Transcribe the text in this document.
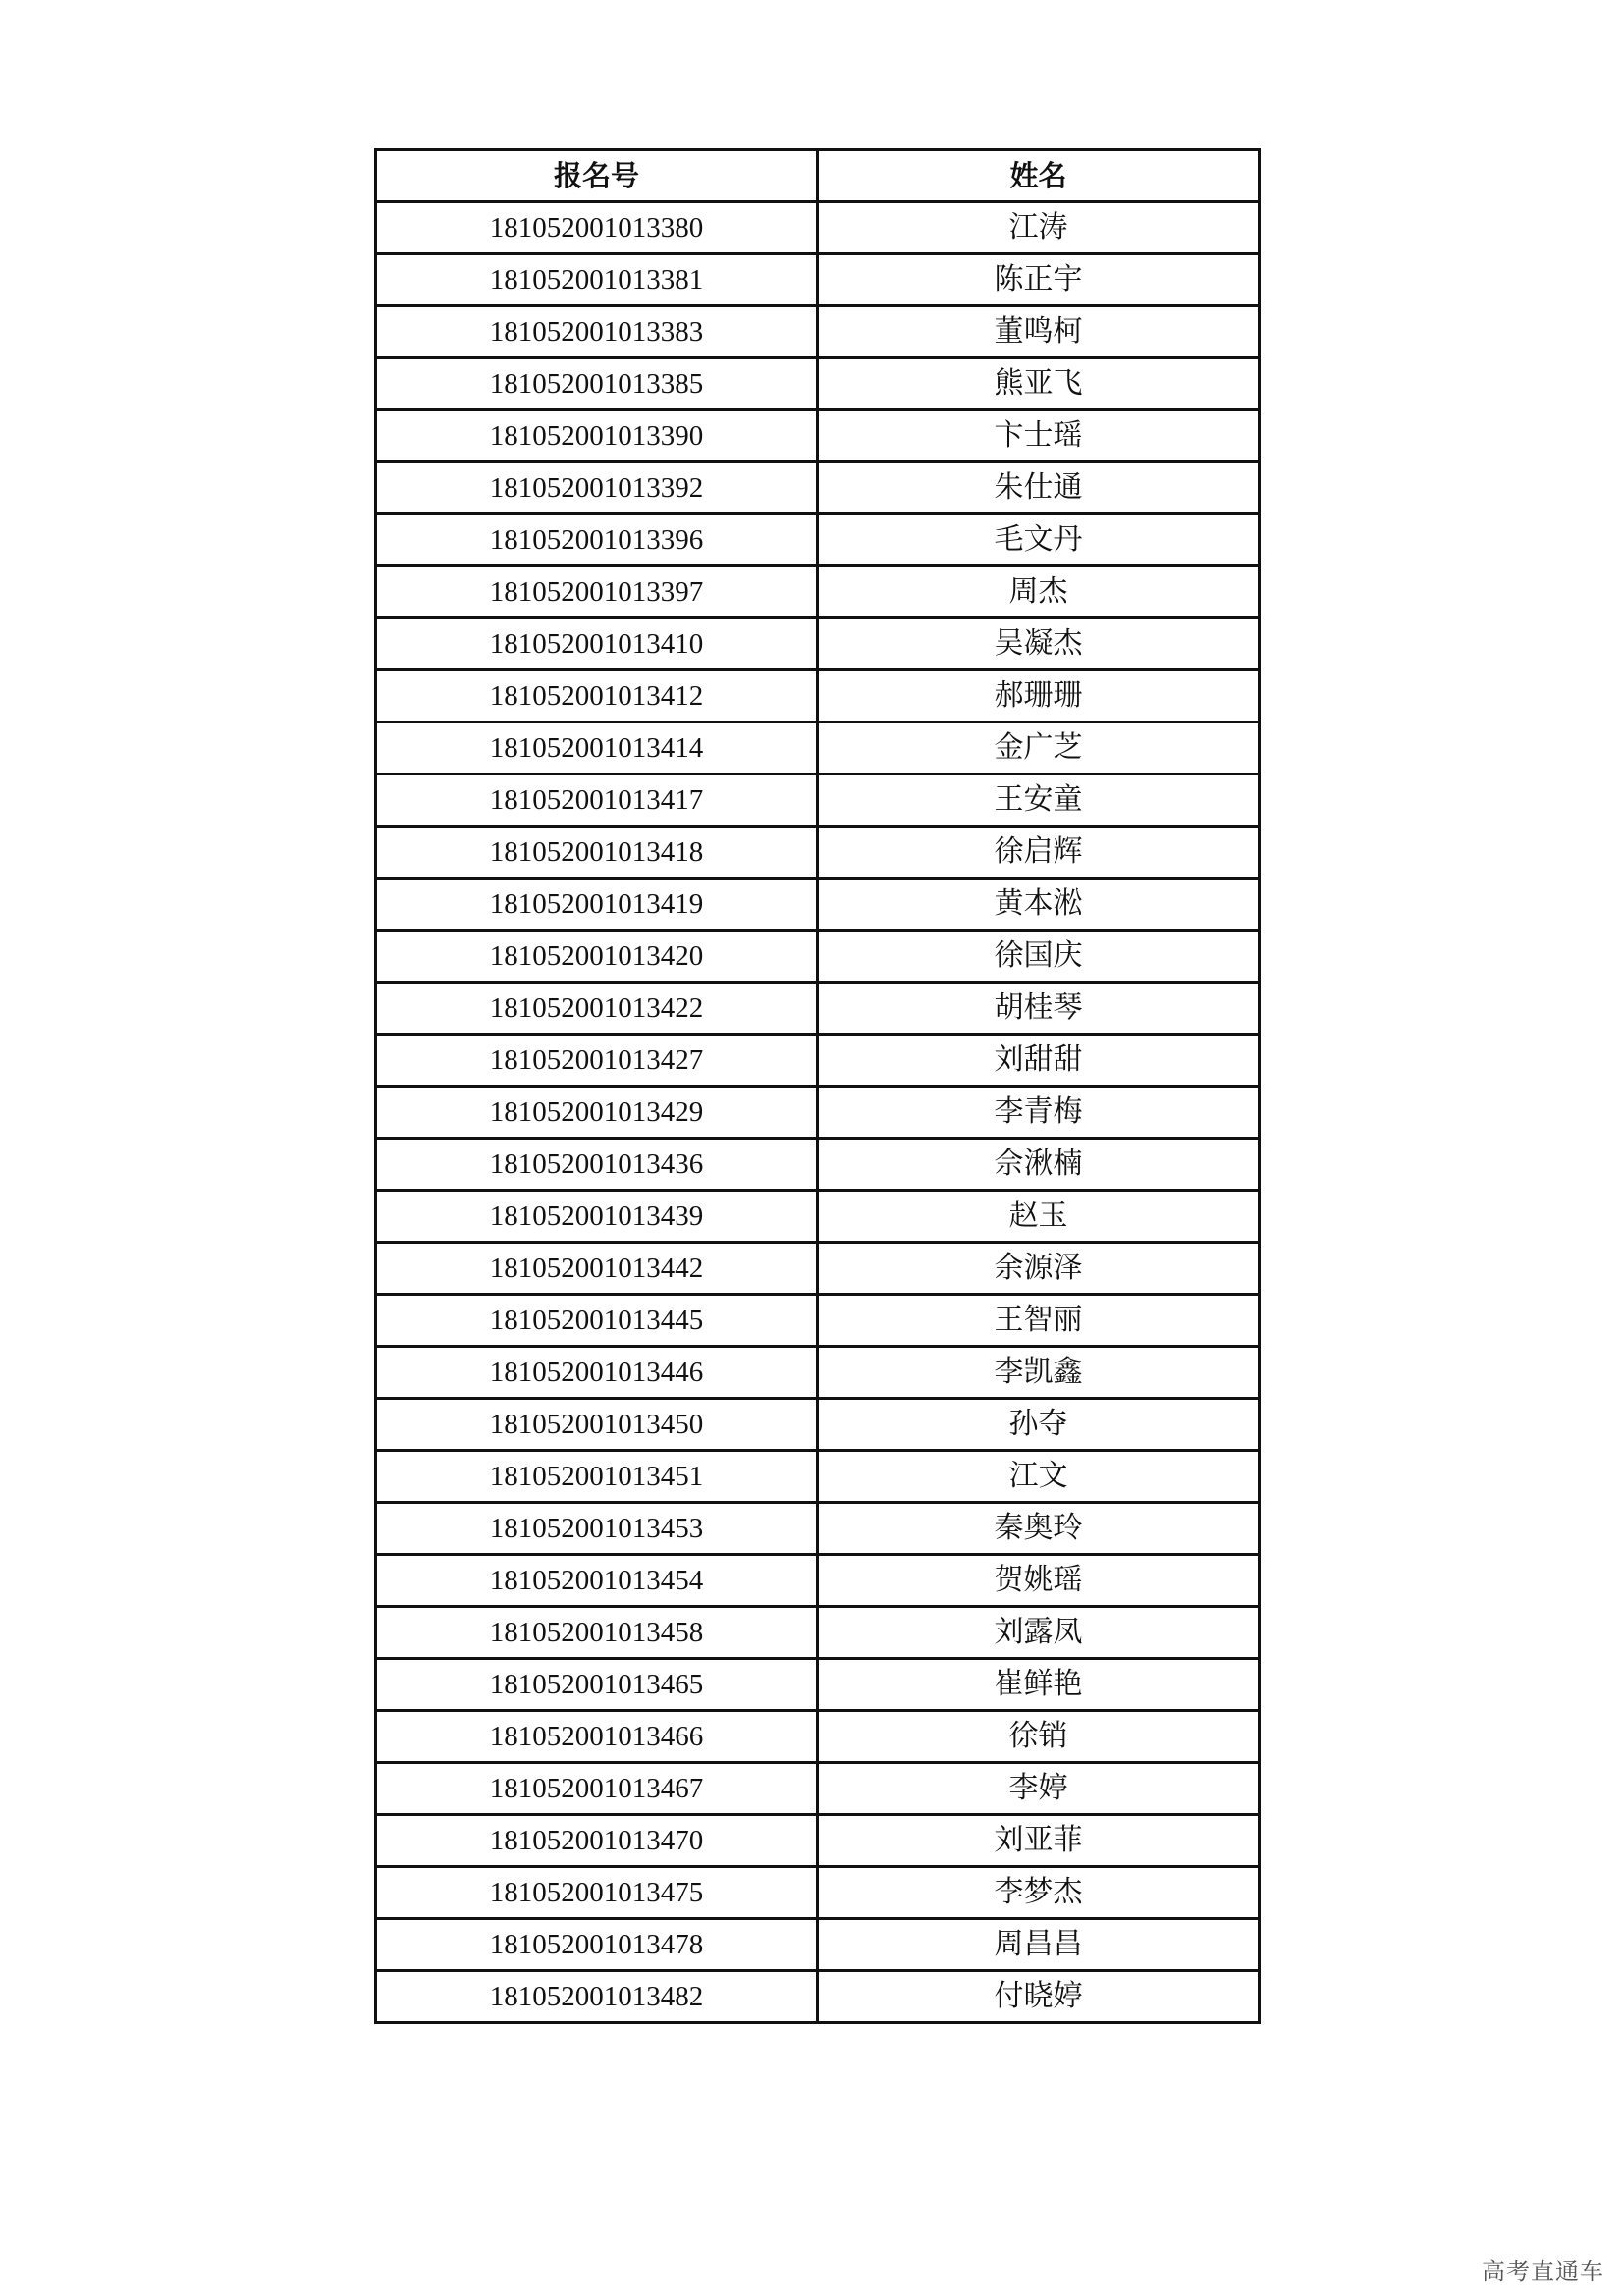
报名号	姓名
181052001013380	江涛
181052001013381	陈正宇
181052001013383	董鸣柯
181052001013385	熊亚飞
181052001013390	卞士瑶
181052001013392	朱仕通
181052001013396	毛文丹
181052001013397	周杰
181052001013410	吴凝杰
181052001013412	郝珊珊
181052001013414	金广芝
181052001013417	王安童
181052001013418	徐启辉
181052001013419	黄本淞
181052001013420	徐国庆
181052001013422	胡桂琴
181052001013427	刘甜甜
181052001013429	李青梅
181052001013436	佘湫楠
181052001013439	赵玉
181052001013442	余源泽
181052001013445	王智丽
181052001013446	李凯鑫
181052001013450	孙夺
181052001013451	江文
181052001013453	秦奥玲
181052001013454	贺姚瑶
181052001013458	刘露凤
181052001013465	崔鲜艳
181052001013466	徐销
181052001013467	李婷
181052001013470	刘亚菲
181052001013475	李梦杰
181052001013478	周昌昌
181052001013482	付晓婷
高考直通车
